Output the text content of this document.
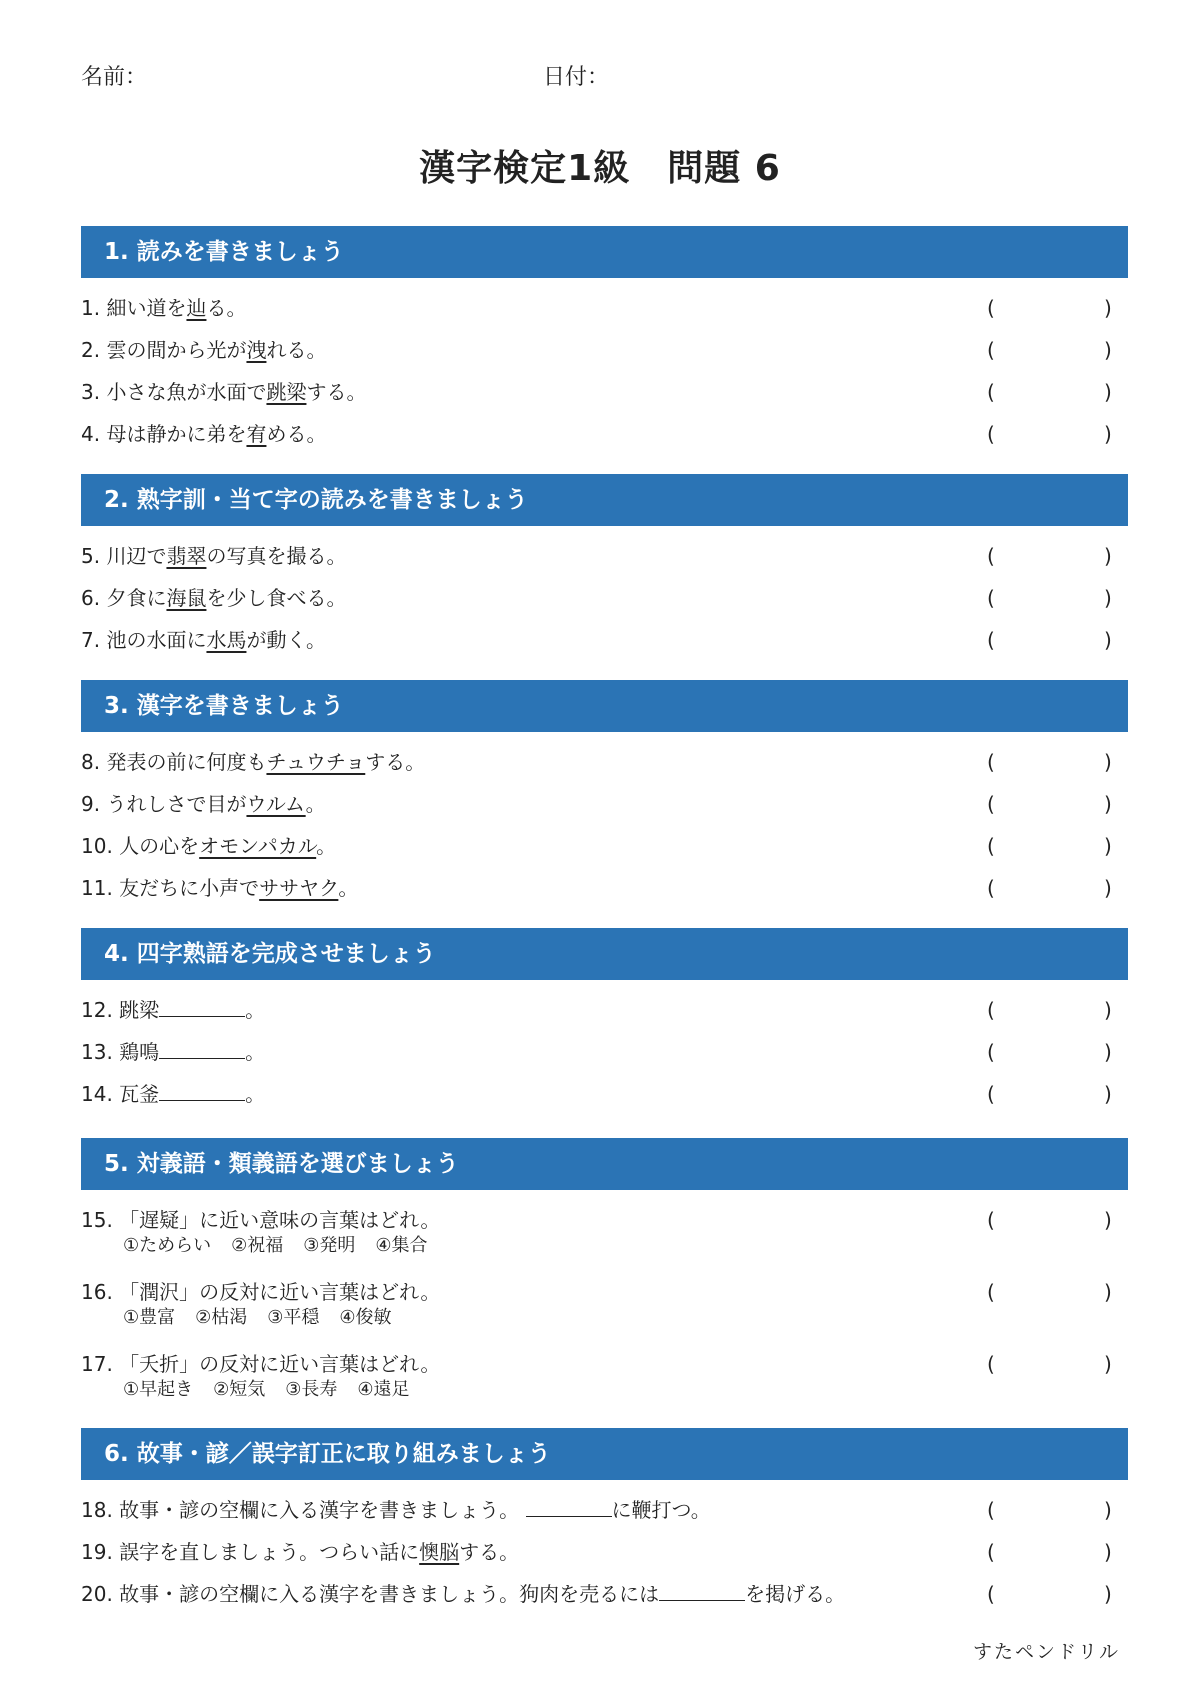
名前：	日付：
漢字検定1級　問題 6
1. 読みを書きましょう
1. 細い道を辿る。	(	)
2. 雲の間から光が洩れる。	(	)
3. 小さな魚が水面で跳梁する。	(	)
4. 母は静かに弟を宥める。	(	)
2. 熟字訓・当て字の読みを書きましょう
5. 川辺で翡翠の写真を撮る。	(	)
6. 夕食に海鼠を少し食べる。	(	)
7. 池の水面に水馬が動く。	(	)
3. 漢字を書きましょう
8. 発表の前に何度もチュウチョする。	(	)
9. うれしさで目がウルム。	(	)
10. 人の心をオモンパカル。	(	)
11. 友だちに小声でササヤク。	(	)
4. 四字熟語を完成させましょう
12. 跳梁	。	(	)
13. 鶏鳴	。	(	)
14. 瓦釜	。	(	)
5. 対義語・類義語を選びましょう
15. 「遅疑」に近い意味の言葉はどれ。
①ためらい ②祝福 ③発明 ④集合
(	)
16. 「潤沢」の反対に近い言葉はどれ。
①豊富 ②枯渇 ③平穏 ④俊敏
(	)
17. 「夭折」の反対に近い言葉はどれ。
①早起き ②短気 ③長寿 ④遠足
(	)
6. 故事・諺／誤字訂正に取り組みましょう
18. 故事・諺の空欄に入る漢字を書きましょう。	に鞭打つ。	(	)
19. 誤字を直しましょう。つらい話に懊脳する。	(	)
20. 故事・諺の空欄に入る漢字を書きましょう。狗肉を売るには	を掲げる。	(	)
すたペンドリル
